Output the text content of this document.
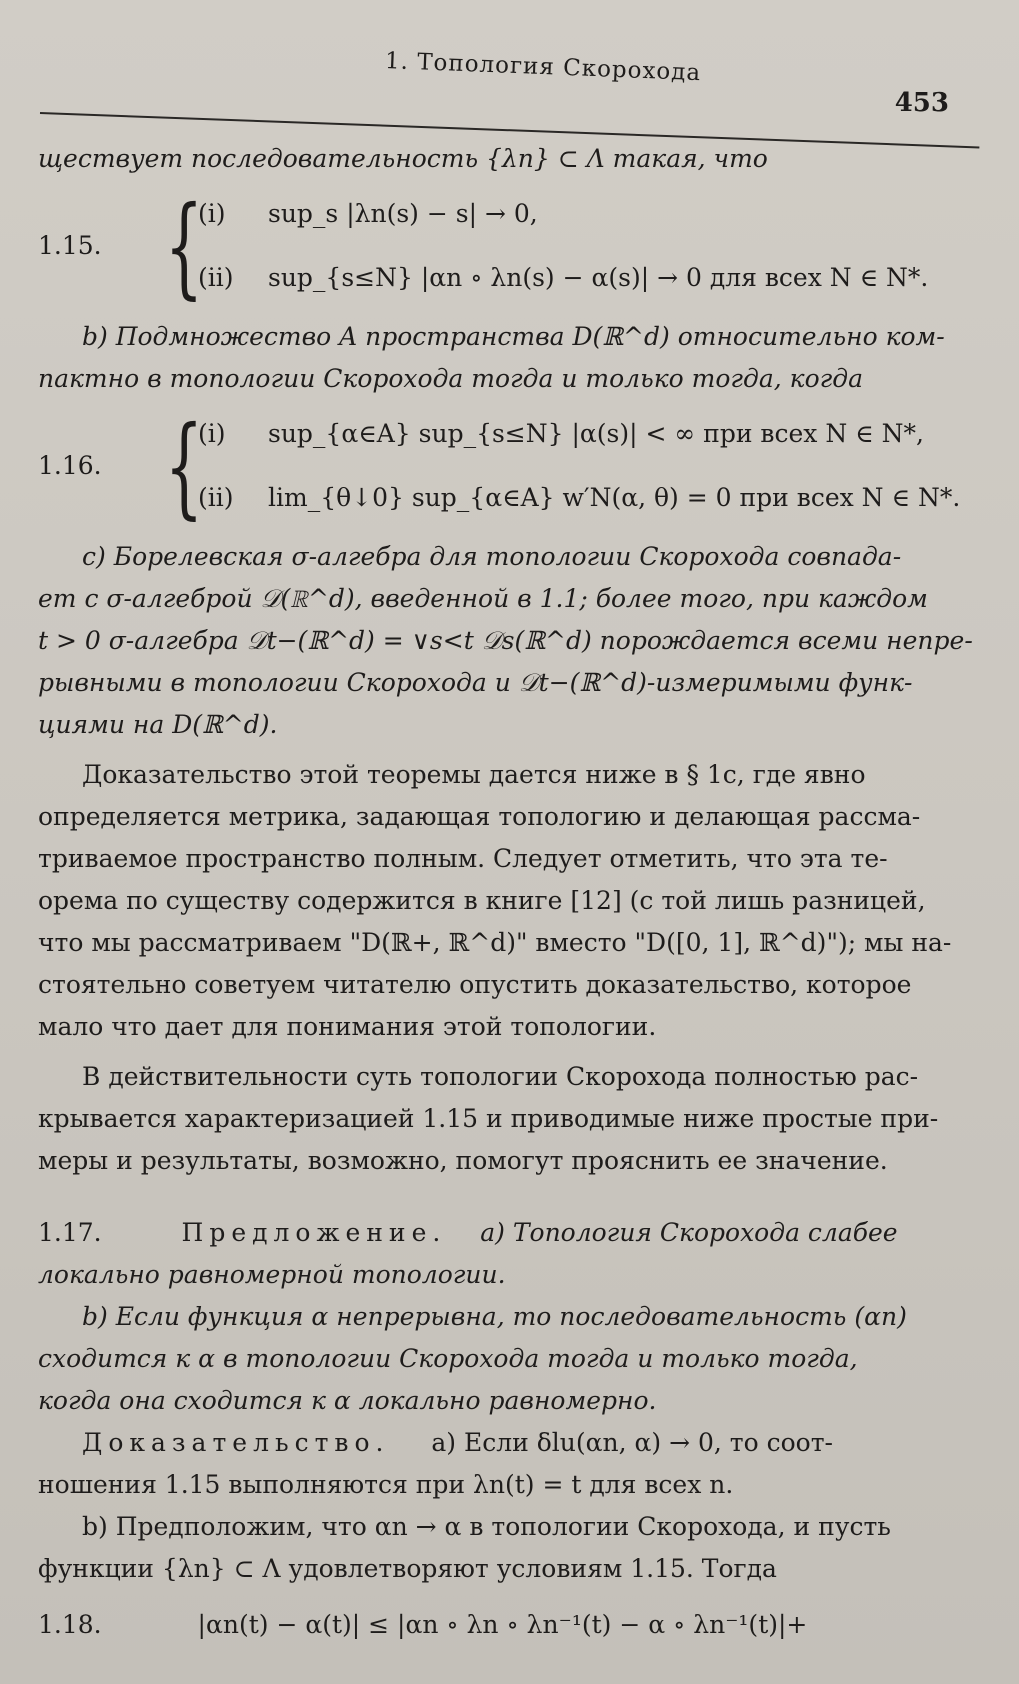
1. Топология Скорохода
453
ществует последовательность {λn} ⊂ Λ такая, что
1.15. {
(i)	sup_s |λn(s) − s| → 0,
(ii)	sup_{s≤N} |αn ∘ λn(s) − α(s)| → 0 для всех N ∈ N*.
b) Подмножество A пространства D(ℝ^d) относительно ком-
пактно в топологии Скорохода тогда и только тогда, когда
1.16. {
(i)	sup_{α∈A} sup_{s≤N} |α(s)| < ∞ при всех N ∈ N*,
(ii)	lim_{θ↓0} sup_{α∈A} w′N(α, θ) = 0 при всех N ∈ N*.
c) Борелевская σ-алгебра для топологии Скорохода совпада-
ет с σ-алгеброй 𝒟(ℝ^d), введенной в 1.1; более того, при каждом
t > 0 σ-алгебра 𝒟t−(ℝ^d) = ∨s<t 𝒟s(ℝ^d) порождается всеми непре-
рывными в топологии Скорохода и 𝒟t−(ℝ^d)-измеримыми функ-
циями на D(ℝ^d).
Доказательство этой теоремы дается ниже в § 1c, где явно
определяется метрика, задающая топологию и делающая рассма-
триваемое пространство полным. Следует отметить, что эта те-
орема по существу содержится в книге [12] (с той лишь разницей,
что мы рассматриваем "D(ℝ+, ℝ^d)" вместо "D([0, 1], ℝ^d)"); мы на-
стоятельно советуем читателю опустить доказательство, которое
мало что дает для понимания этой топологии.
В действительности суть топологии Скорохода полностью рас-
крывается характеризацией 1.15 и приводимые ниже простые при-
меры и результаты, возможно, помогут прояснить ее значение.
1.17.	Предложение. a) Топология Скорохода слабее
локально равномерной топологии.
b) Если функция α непрерывна, то последовательность (αn)
сходится к α в топологии Скорохода тогда и только тогда,
когда она сходится к α локально равномерно.
Доказательство. a) Если δlu(αn, α) → 0, то соот-
ношения 1.15 выполняются при λn(t) = t для всех n.
b) Предположим, что αn → α в топологии Скорохода, и пусть
функции {λn} ⊂ Λ удовлетворяют условиям 1.15. Тогда
1.18.	|αn(t) − α(t)| ≤ |αn ∘ λn ∘ λn⁻¹(t) − α ∘ λn⁻¹(t)|+
